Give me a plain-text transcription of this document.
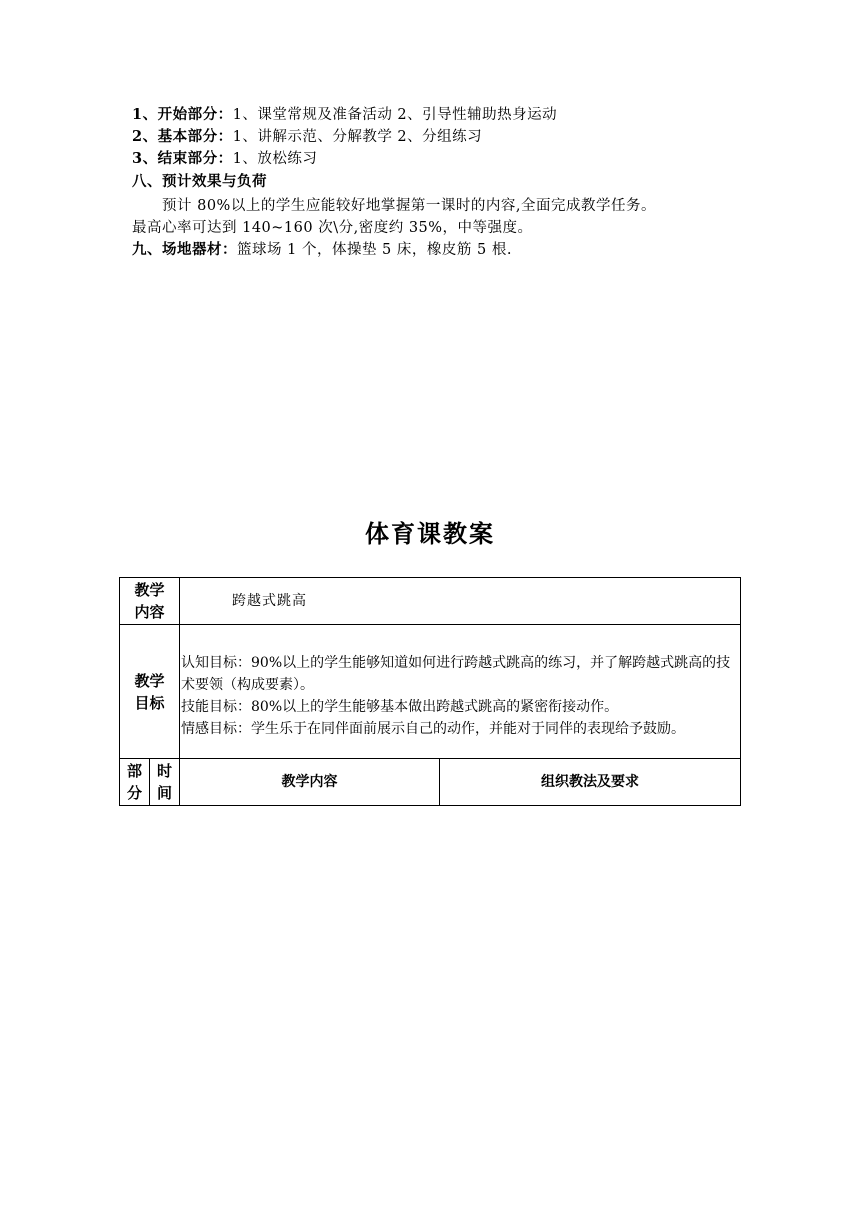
1、开始部分：1、课堂常规及准备活动 2、引导性辅助热身运动
2、基本部分：1、讲解示范、分解教学 2、分组练习
3、结束部分：1、放松练习
八、预计效果与负荷
预计 80%以上的学生应能较好地掌握第一课时的内容,全面完成教学任务。
最高心率可达到 140~160 次\分,密度约 35%，中等强度。
九、场地器材：篮球场 1 个，体操垫 5 床，橡皮筋 5 根.
体育课教案
教学
内容
跨越式跳高
教学
目标
认知目标：90%以上的学生能够知道如何进行跨越式跳高的练习，并了解跨越式跳高的技术要领（构成要素）。
技能目标：80%以上的学生能够基本做出跨越式跳高的紧密衔接动作。
情感目标：学生乐于在同伴面前展示自己的动作，并能对于同伴的表现给予鼓励。
部
分
时
间
教学内容	组织教法及要求
